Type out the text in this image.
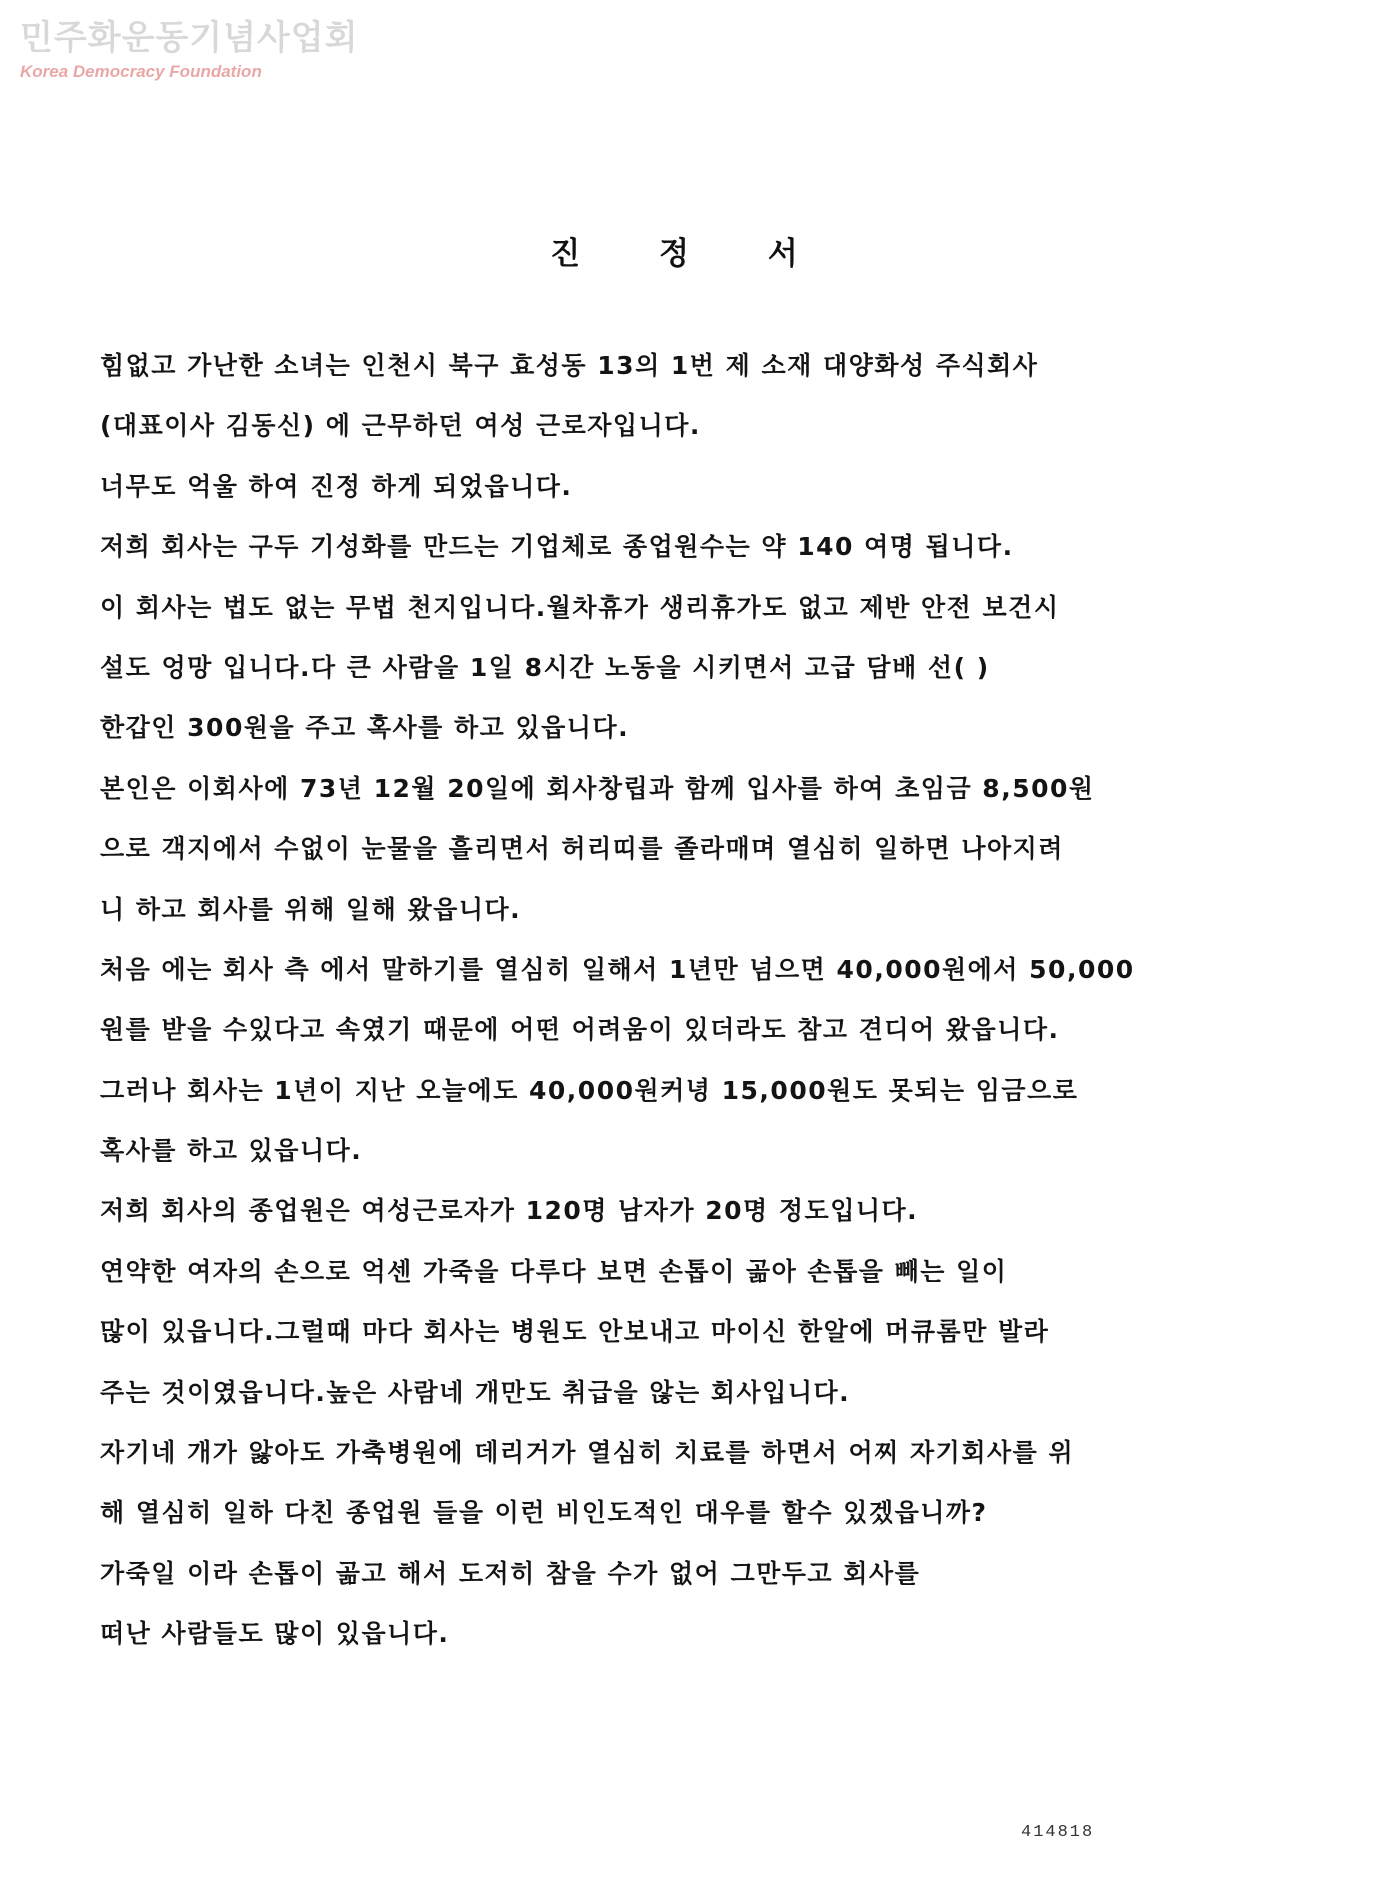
민주화운동기념사업회
Korea Democracy Foundation
진 정 서
힘없고 가난한 소녀는 인천시 북구 효성동 13의 1번 제 소재 대양화성 주식회사
(대표이사 김동신) 에 근무하던 여성 근로자입니다.
너무도 억울 하여 진정 하게 되었읍니다.
저희 회사는 구두 기성화를 만드는 기업체로 종업원수는 약 140 여명 됩니다.
이 회사는 법도 없는 무법 천지입니다.월차휴가 생리휴가도 없고 제반 안전 보건시
설도 엉망 입니다.다 큰 사람을 1일 8시간 노동을 시키면서 고급 담배 선( )
한갑인 300원을 주고 혹사를 하고 있읍니다.
본인은 이회사에 73년 12월 20일에 회사창립과 함께 입사를 하여 초임금 8,500원
으로 객지에서 수없이 눈물을 흘리면서 허리띠를 졸라매며 열심히 일하면 나아지려
니 하고 회사를 위해 일해 왔읍니다.
처음 에는 회사 측 에서 말하기를 열심히 일해서 1년만 넘으면 40,000원에서 50,000
원를 받을 수있다고 속였기 때문에 어떤 어려움이 있더라도 참고 견디어 왔읍니다.
그러나 회사는 1년이 지난 오늘에도 40,000원커녕 15,000원도 못되는 임금으로
혹사를 하고 있읍니다.
저희 회사의 종업원은 여성근로자가 120명 남자가 20명 정도입니다.
연약한 여자의 손으로 억센 가죽을 다루다 보면 손톱이 곪아 손톱을 빼는 일이
많이 있읍니다.그럴때 마다 회사는 병원도 안보내고 마이신 한알에 머큐롬만 발라
주는 것이였읍니다.높은 사람네 개만도 취급을 않는 회사입니다.
자기네 개가 앓아도 가축병원에 데리거가 열심히 치료를 하면서 어찌 자기회사를 위
해 열심히 일하 다친 종업원 들을 이런 비인도적인 대우를 할수 있겠읍니까?
가죽일 이라 손톱이 곪고 해서 도저히 참을 수가 없어 그만두고 회사를
떠난 사람들도 많이 있읍니다.
414818
